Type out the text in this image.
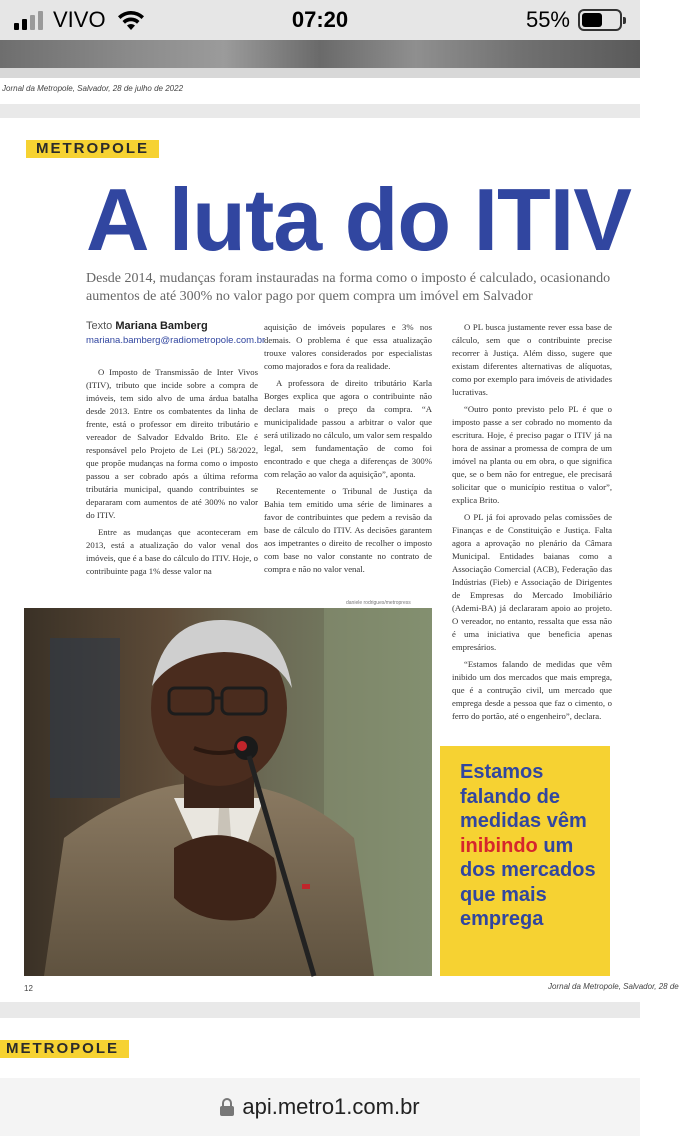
VIVO	07:20	55%
Jornal da Metropole, Salvador, 28 de julho de 2022
METROPOLE
A luta do ITIV
Desde 2014, mudanças foram instauradas na forma como o imposto é calculado, ocasionando aumentos de até 300% no valor pago por quem compra um imóvel em Salvador
Texto Mariana Bamberg
mariana.bamberg@radiometropole.com.br

O Imposto de Transmissão de Inter Vivos (ITIV), tributo que incide sobre a compra de imóveis, tem sido alvo de uma árdua batalha desde 2013. Entre os combatentes da linha de frente, está o professor em direito tributário e vereador de Salvador Edvaldo Brito. Ele é responsável pelo Projeto de Lei (PL) 58/2022, que propõe mudanças na forma como o imposto passou a ser cobrado após a última reforma tributária municipal, quando contribuintes se depararam com aumentos de até 300% no valor do ITIV.

Entre as mudanças que aconteceram em 2013, está a atualização do valor venal dos imóveis, que é a base do cálculo do ITIV. Hoje, o contribuinte paga 1% desse valor na

aquisição de imóveis populares e 3% nos demais. O problema é que essa atualização trouxe valores considerados por especialistas como majorados e fora da realidade.

A professora de direito tributário Karla Borges explica que agora o contribuinte não declara mais o preço da compra. “A municipalidade passou a arbitrar o valor que será utilizado no cálculo, um valor sem respaldo legal, sem fundamentação de como foi encontrado e que chega a diferenças de 300% com relação ao valor da aquisição”, aponta.

Recentemente o Tribunal de Justiça da Bahia tem emitido uma série de liminares a favor de contribuintes que pedem a revisão da base de cálculo do ITIV. As decisões garantem aos impetrantes o direito de recolher o imposto com base no valor constante no contrato de compra e não no valor venal.

O PL busca justamente rever essa base de cálculo, sem que o contribuinte precise recorrer à Justiça. Além disso, sugere que existam diferentes alternativas de alíquotas, como por exemplo para imóveis de atividades lucrativas.

“Outro ponto previsto pelo PL é que o imposto passe a ser cobrado no momento da escritura. Hoje, é preciso pagar o ITIV já na hora de assinar a promessa de compra de um imóvel na planta ou em obra, o que significa que, se o bem não for entregue, ele precisará solicitar que o município restitua o valor”, explica Brito.

O PL já foi aprovado pelas comissões de Finanças e de Constituição e Justiça. Falta agora a aprovação no plenário da Câmara Municipal. Entidades baianas como a Associação Comercial (ACB), Federação das Indústrias (Fieb) e Associação de Dirigentes de Empresas do Mercado Imobiliário (Ademi-BA) já declararam apoio ao projeto. O vereador, no entanto, ressalta que essa não é uma iniciativa que beneficia apenas empresários.

“Estamos falando de medidas que vêm inibido um dos mercados que mais emprega, que é a contrução civil, um mercado que emprega desde a pessoa que faz o cimento, o ferro do portão, até o engenheiro”, declara.

daniele rodrigues/metropress
Estamos falando de medidas vêm inibindo um dos mercados que mais emprega
12	Jornal da Metropole, Salvador, 28 de
METROPOLE
api.metro1.com.br
